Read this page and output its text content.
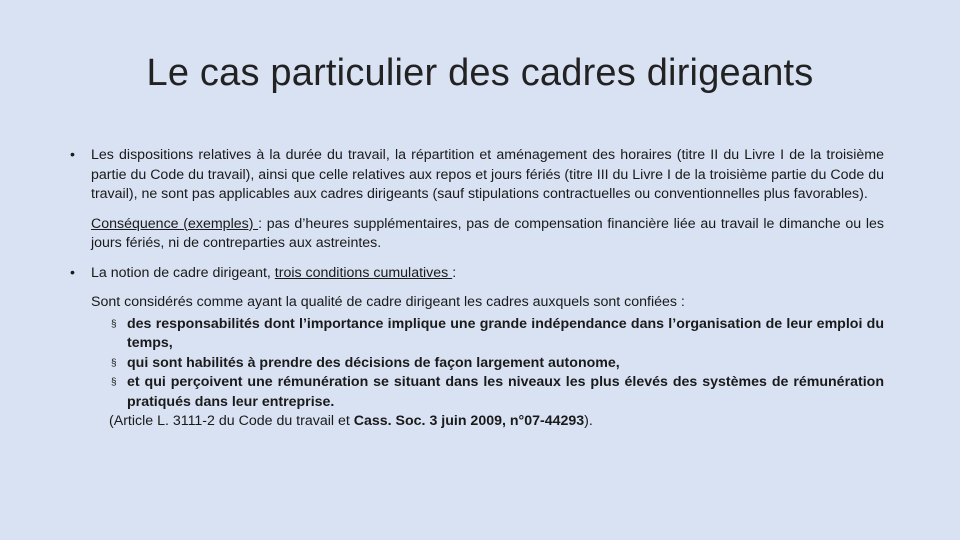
Le cas particulier des cadres dirigeants

• Les dispositions relatives à la durée du travail, la répartition et aménagement des horaires (titre II du Livre I de la troisième partie du Code du travail), ainsi que celle relatives aux repos et jours fériés (titre III du Livre I de la troisième partie du Code du travail), ne sont pas applicables aux cadres dirigeants (sauf stipulations contractuelles ou conventionnelles plus favorables).

Conséquence (exemples) : pas d’heures supplémentaires, pas de compensation financière liée au travail le dimanche ou les jours fériés, ni de contreparties aux astreintes.

• La notion de cadre dirigeant, trois conditions cumulatives :

Sont considérés comme ayant la qualité de cadre dirigeant les cadres auxquels sont confiées :

§ des responsabilités dont l’importance implique une grande indépendance dans l’organisation de leur emploi du temps,

§ qui sont habilités à prendre des décisions de façon largement autonome,

§ et qui perçoivent une rémunération se situant dans les niveaux les plus élevés des systèmes de rémunération pratiqués dans leur entreprise.

(Article L. 3111-2 du Code du travail et Cass. Soc. 3 juin 2009, n°07-44293).
